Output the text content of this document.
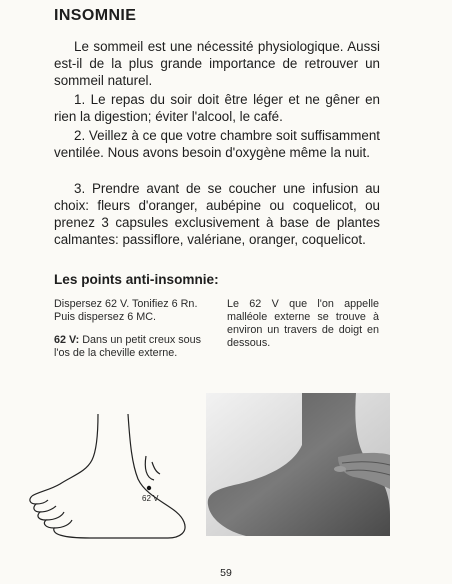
INSOMNIE
Le sommeil est une nécessité physiologique. Aussi est-il de la plus grande importance de retrouver un sommeil naturel.
1. Le repas du soir doit être léger et ne gêner en rien la digestion; éviter l'alcool, le café.
2. Veillez à ce que votre chambre soit suffisamment ventilée. Nous avons besoin d'oxygène même la nuit.
3. Prendre avant de se coucher une infusion au choix: fleurs d'oranger, aubépine ou coquelicot, ou prenez 3 capsules exclusivement à base de plantes calmantes: passiflore, valériane, oranger, coquelicot.
Les points anti-insomnie:
Dispersez 62 V. Tonifiez 6 Rn. Puis dispersez 6 MC.
62 V: Dans un petit creux sous l'os de la cheville externe.
Le 62 V que l'on appelle malléole externe se trouve à environ un travers de doigt en dessous.
62 V
59
